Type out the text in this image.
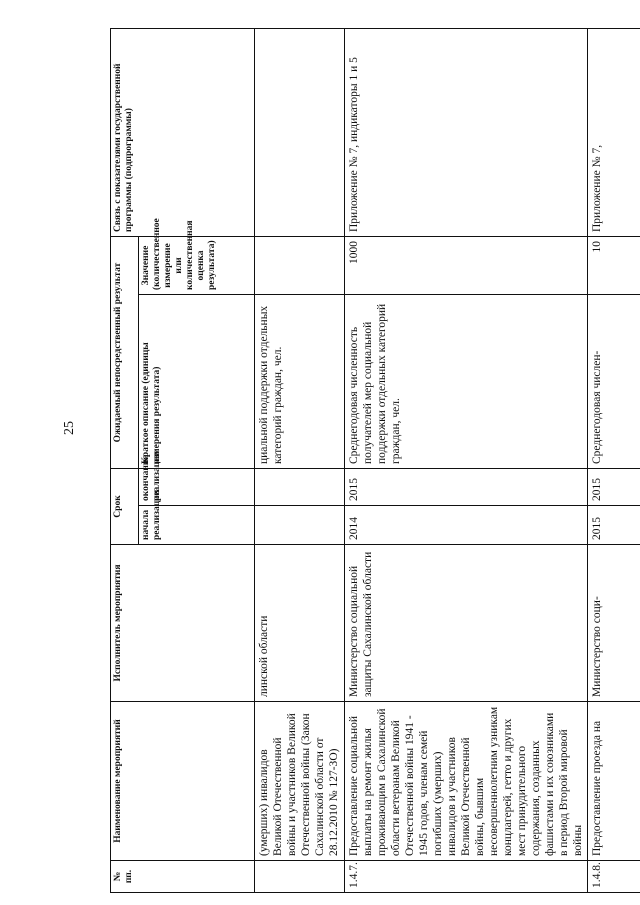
25
№ пп.	Наименование мероприятий	Исполнитель мероприятия	Срок		Ожидаемый непосредственный результат		Связь с показателями государственной программы (подпрограммы)
			начала реализации	окончания реализации	Краткое описание (единицы измерения результата)	Значение (количественное измерение или количественная оценка результата)	
	(умерших) инвалидов Великой Отечественной войны и участников Великой Отечественной войны (Закон Сахалинской области от 28.12.2010 № 127-ЗО)	линской области			циальной поддержки отдельных категорий граждан, чел.		
1.4.7.	Предоставление социальной выплаты на ремонт жилья проживающим в Сахалинской области ветеранам Великой Отечественной войны 1941 - 1945 годов, членам семей погибших (умерших) инвалидов и участников Великой Отечественной войны, бывшим несовершеннолетним узникам концлагерей, гетто и других мест принудительного содержания, созданных фашистами и их союзниками в период Второй мировой войны	Министерство социальной защиты Сахалинской области	2014	2015	Среднегодовая численность получателей мер социальной поддержки отдельных категорий граждан, чел.	1000	Приложение № 7, индикаторы 1 и 5
1.4.8.	Предоставление проезда на	Министерство соци-	2015	2015	Среднегодовая числен-	10	Приложение № 7,
